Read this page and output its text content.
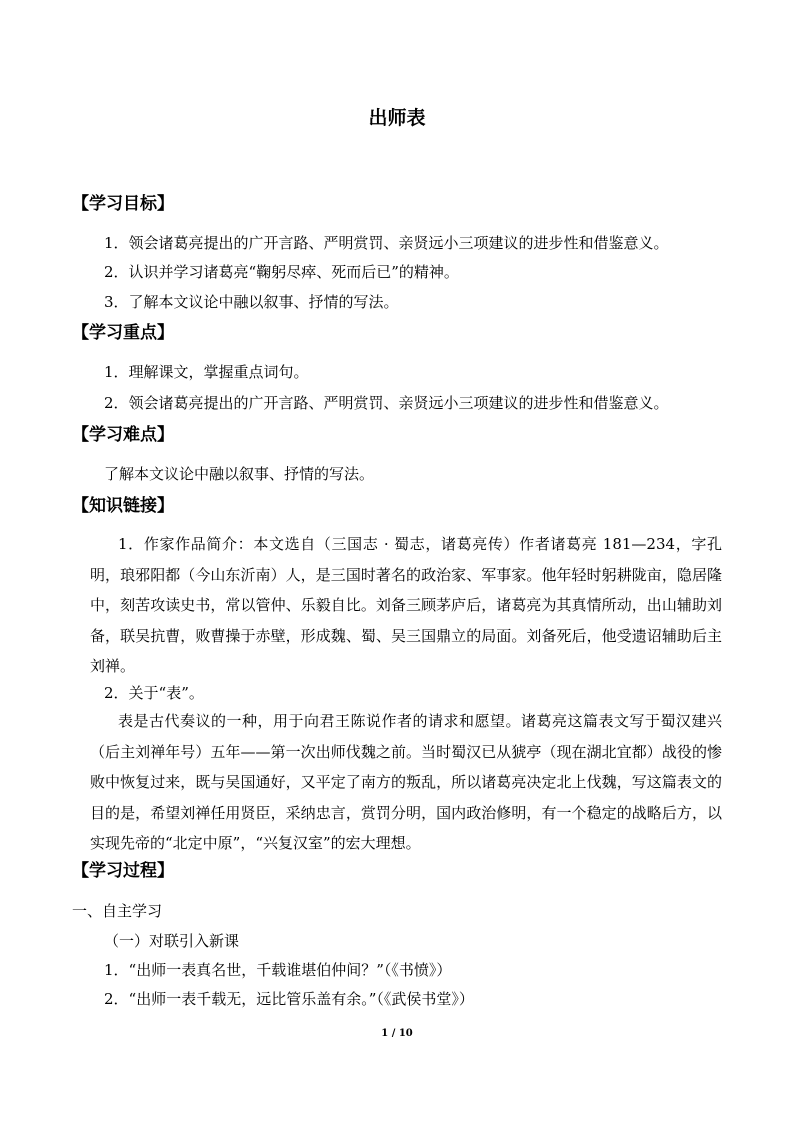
出师表
【学习目标】
1．领会诸葛亮提出的广开言路、严明赏罚、亲贤远小三项建议的进步性和借鉴意义。
2．认识并学习诸葛亮“鞠躬尽瘁、死而后已”的精神。
3．了解本文议论中融以叙事、抒情的写法。
【学习重点】
1．理解课文，掌握重点词句。
2．领会诸葛亮提出的广开言路、严明赏罚、亲贤远小三项建议的进步性和借鉴意义。
【学习难点】
了解本文议论中融以叙事、抒情的写法。
【知识链接】
1．作家作品简介：本文选自（三国志 · 蜀志，诸葛亮传）作者诸葛亮 181—234，字孔明，琅邪阳都（今山东沂南）人，是三国时著名的政治家、军事家。他年轻时躬耕陇亩，隐居隆中，刻苦攻读史书，常以管仲、乐毅自比。刘备三顾茅庐后，诸葛亮为其真情所动，出山辅助刘备，联吴抗曹，败曹操于赤壁，形成魏、蜀、吴三国鼎立的局面。刘备死后，他受遗诏辅助后主刘禅。
2．关于“表”。
表是古代奏议的一种，用于向君王陈说作者的请求和愿望。诸葛亮这篇表文写于蜀汉建兴（后主刘禅年号）五年——第一次出师伐魏之前。当时蜀汉已从猇亭（现在湖北宜都）战役的惨败中恢复过来，既与吴国通好，又平定了南方的叛乱，所以诸葛亮决定北上伐魏，写这篇表文的目的是，希望刘禅任用贤臣，采纳忠言，赏罚分明，国内政治修明，有一个稳定的战略后方，以实现先帝的“北定中原”，“兴复汉室”的宏大理想。
【学习过程】
一、自主学习
（一）对联引入新课
1．“出师一表真名世，千载谁堪伯仲间？”（《书愤》）
2．“出师一表千载无，远比管乐盖有余。”（《武侯书堂》）
1 / 10
